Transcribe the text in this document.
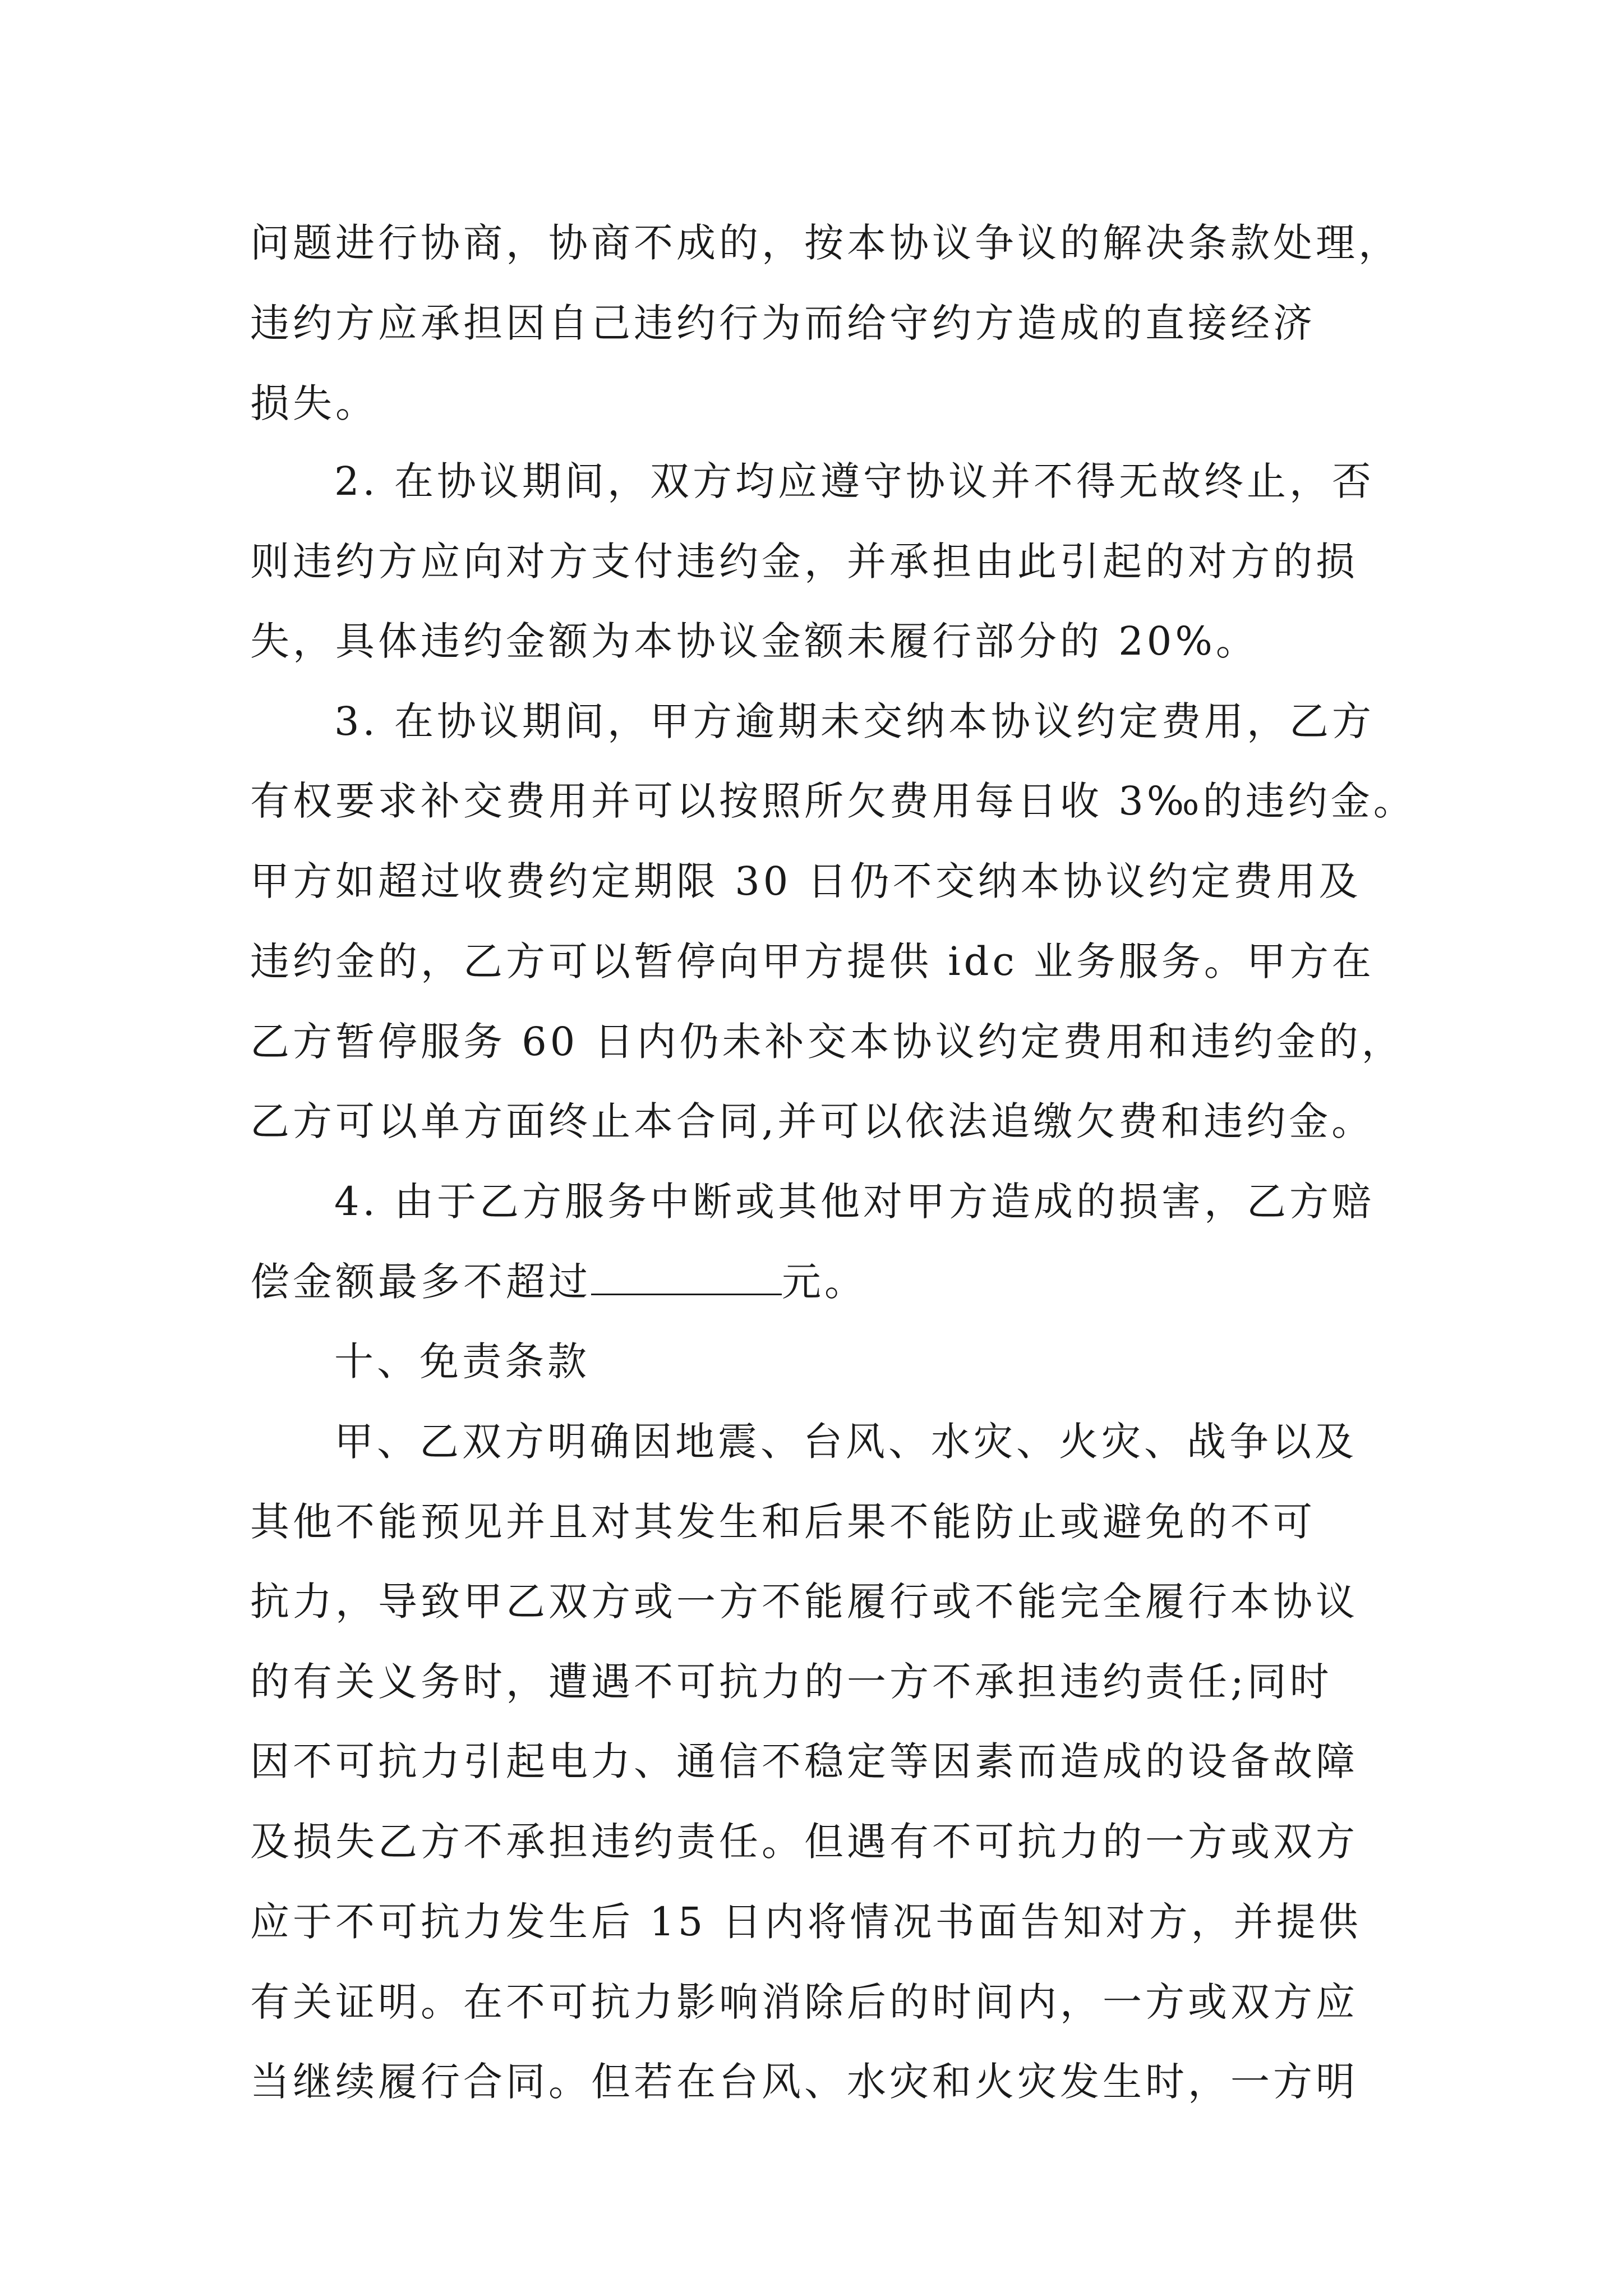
问题进行协商，协商不成的，按本协议争议的解决条款处理，
违约方应承担因自己违约行为而给守约方造成的直接经济
损失。
2. 在协议期间，双方均应遵守协议并不得无故终止，否
则违约方应向对方支付违约金，并承担由此引起的对方的损
失，具体违约金额为本协议金额未履行部分的 20%。
3. 在协议期间，甲方逾期未交纳本协议约定费用，乙方
有权要求补交费用并可以按照所欠费用每日收 3‰的违约金。
甲方如超过收费约定期限 30 日仍不交纳本协议约定费用及
违约金的，乙方可以暂停向甲方提供 idc 业务服务。甲方在
乙方暂停服务 60 日内仍未补交本协议约定费用和违约金的，
乙方可以单方面终止本合同,并可以依法追缴欠费和违约金。
4. 由于乙方服务中断或其他对甲方造成的损害，乙方赔
偿金额最多不超过	元。
十、免责条款
甲、乙双方明确因地震、台风、水灾、火灾、战争以及
其他不能预见并且对其发生和后果不能防止或避免的不可
抗力，导致甲乙双方或一方不能履行或不能完全履行本协议
的有关义务时，遭遇不可抗力的一方不承担违约责任;同时
因不可抗力引起电力、通信不稳定等因素而造成的设备故障
及损失乙方不承担违约责任。但遇有不可抗力的一方或双方
应于不可抗力发生后 15 日内将情况书面告知对方，并提供
有关证明。在不可抗力影响消除后的时间内，一方或双方应
当继续履行合同。但若在台风、水灾和火灾发生时，一方明
